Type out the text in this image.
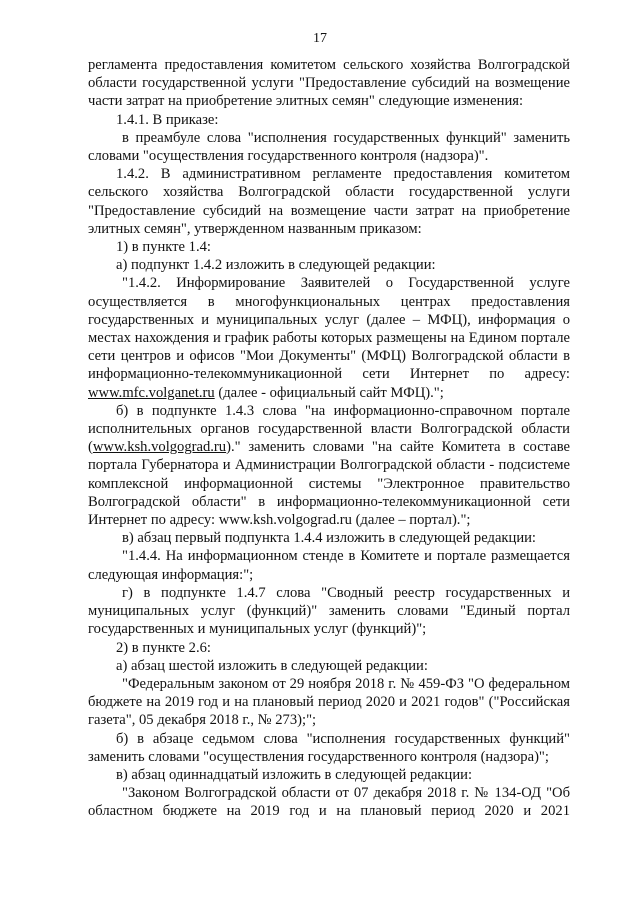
17

регламента предоставления комитетом сельского хозяйства Волгоградской области государственной услуги "Предоставление субсидий на возмещение части затрат на приобретение элитных семян" следующие изменения:

1.4.1. В приказе:

в преамбуле слова "исполнения государственных функций" заменить словами "осуществления государственного контроля (надзора)".

1.4.2. В административном регламенте предоставления комитетом сельского хозяйства Волгоградской области государственной услуги "Предоставление субсидий на возмещение части затрат на приобретение элитных семян", утвержденном названным приказом:

1) в пункте 1.4:

а) подпункт 1.4.2 изложить в следующей редакции:

"1.4.2. Информирование Заявителей о Государственной услуге осуществляется в многофункциональных центрах предоставления государственных и муниципальных услуг (далее – МФЦ), информация о местах нахождения и график работы которых размещены на Едином портале сети центров и офисов "Мои Документы" (МФЦ) Волгоградской области в информационно-телекоммуникационной сети Интернет по адресу: www.mfc.volganet.ru (далее - официальный сайт МФЦ).";

б) в подпункте 1.4.3 слова "на информационно-справочном портале исполнительных органов государственной власти Волгоградской области (www.ksh.volgograd.ru)." заменить словами "на сайте Комитета в составе портала Губернатора и Администрации Волгоградской области - подсистеме комплексной информационной системы "Электронное правительство Волгоградской области" в информационно-телекоммуникационной сети Интернет по адресу: www.ksh.volgograd.ru (далее – портал).";

в) абзац первый подпункта 1.4.4 изложить в следующей редакции:

"1.4.4. На информационном стенде в Комитете и портале размещается следующая информация:";

г) в подпункте 1.4.7 слова "Сводный реестр государственных и муниципальных услуг (функций)" заменить словами "Единый портал государственных и муниципальных услуг (функций)";

2) в пункте 2.6:

а) абзац шестой изложить в следующей редакции:

"Федеральным законом от 29 ноября 2018 г. № 459-ФЗ "О федеральном бюджете на 2019 год и на плановый период 2020 и 2021 годов" ("Российская газета", 05 декабря 2018 г., № 273);";

б) в абзаце седьмом слова "исполнения государственных функций" заменить словами "осуществления государственного контроля (надзора)";

в) абзац одиннадцатый изложить в следующей редакции:

"Законом Волгоградской области от 07 декабря 2018 г. № 134-ОД "Об областном бюджете на 2019 год и на плановый период 2020 и 2021
